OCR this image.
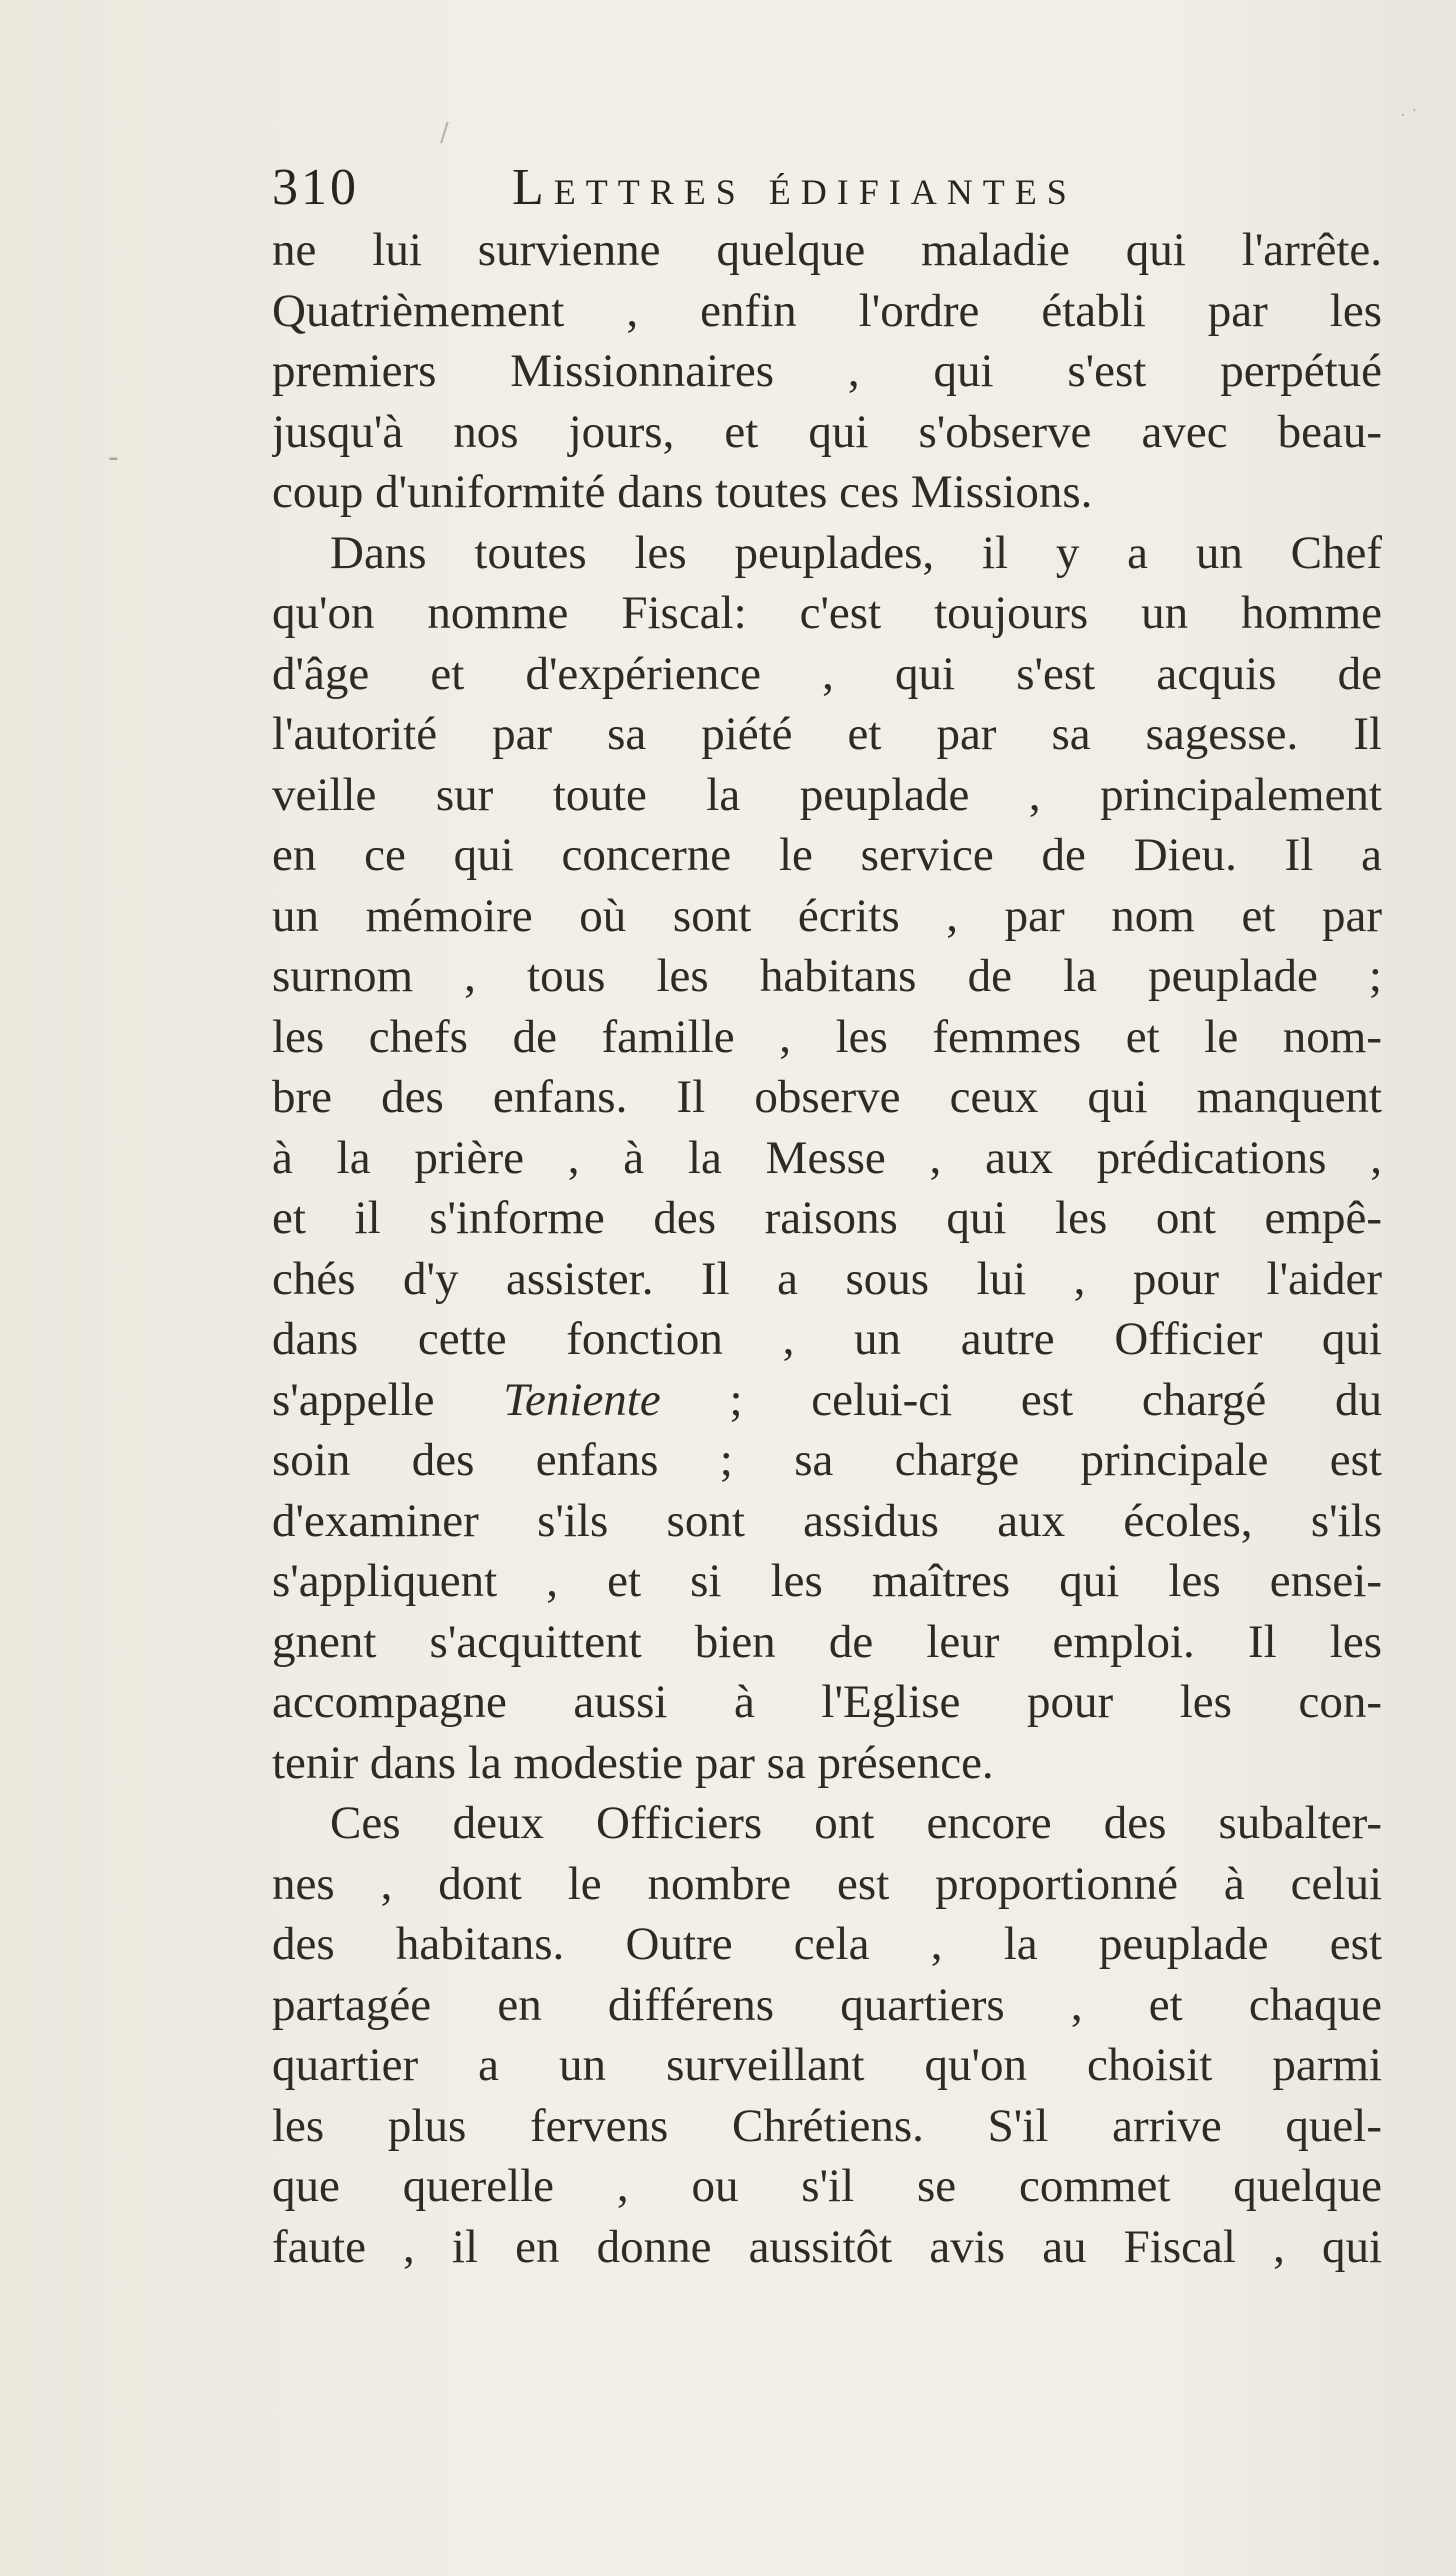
/
-
. ·
310	Lettres édifiantes
ne lui survienne quelque maladie qui l'arrête.
Quatrièmement , enfin l'ordre établi par les
premiers Missionnaires , qui s'est perpétué
jusqu'à nos jours, et qui s'observe avec beau-
coup d'uniformité dans toutes ces Missions.
Dans toutes les peuplades, il y a un Chef
qu'on nomme Fiscal: c'est toujours un homme
d'âge et d'expérience , qui s'est acquis de
l'autorité par sa piété et par sa sagesse. Il
veille sur toute la peuplade , principalement
en ce qui concerne le service de Dieu. Il a
un mémoire où sont écrits , par nom et par
surnom , tous les habitans de la peuplade ;
les chefs de famille , les femmes et le nom-
bre des enfans. Il observe ceux qui manquent
à la prière , à la Messe , aux prédications ,
et il s'informe des raisons qui les ont empê-
chés d'y assister. Il a sous lui , pour l'aider
dans cette fonction , un autre Officier qui
s'appelle Teniente ; celui-ci est chargé du
soin des enfans ; sa charge principale est
d'examiner s'ils sont assidus aux écoles, s'ils
s'appliquent , et si les maîtres qui les ensei-
gnent s'acquittent bien de leur emploi. Il les
accompagne aussi à l'Eglise pour les con-
tenir dans la modestie par sa présence.
Ces deux Officiers ont encore des subalter-
nes , dont le nombre est proportionné à celui
des habitans. Outre cela , la peuplade est
partagée en différens quartiers , et chaque
quartier a un surveillant qu'on choisit parmi
les plus fervens Chrétiens. S'il arrive quel-
que querelle , ou s'il se commet quelque
faute , il en donne aussitôt avis au Fiscal , qui
